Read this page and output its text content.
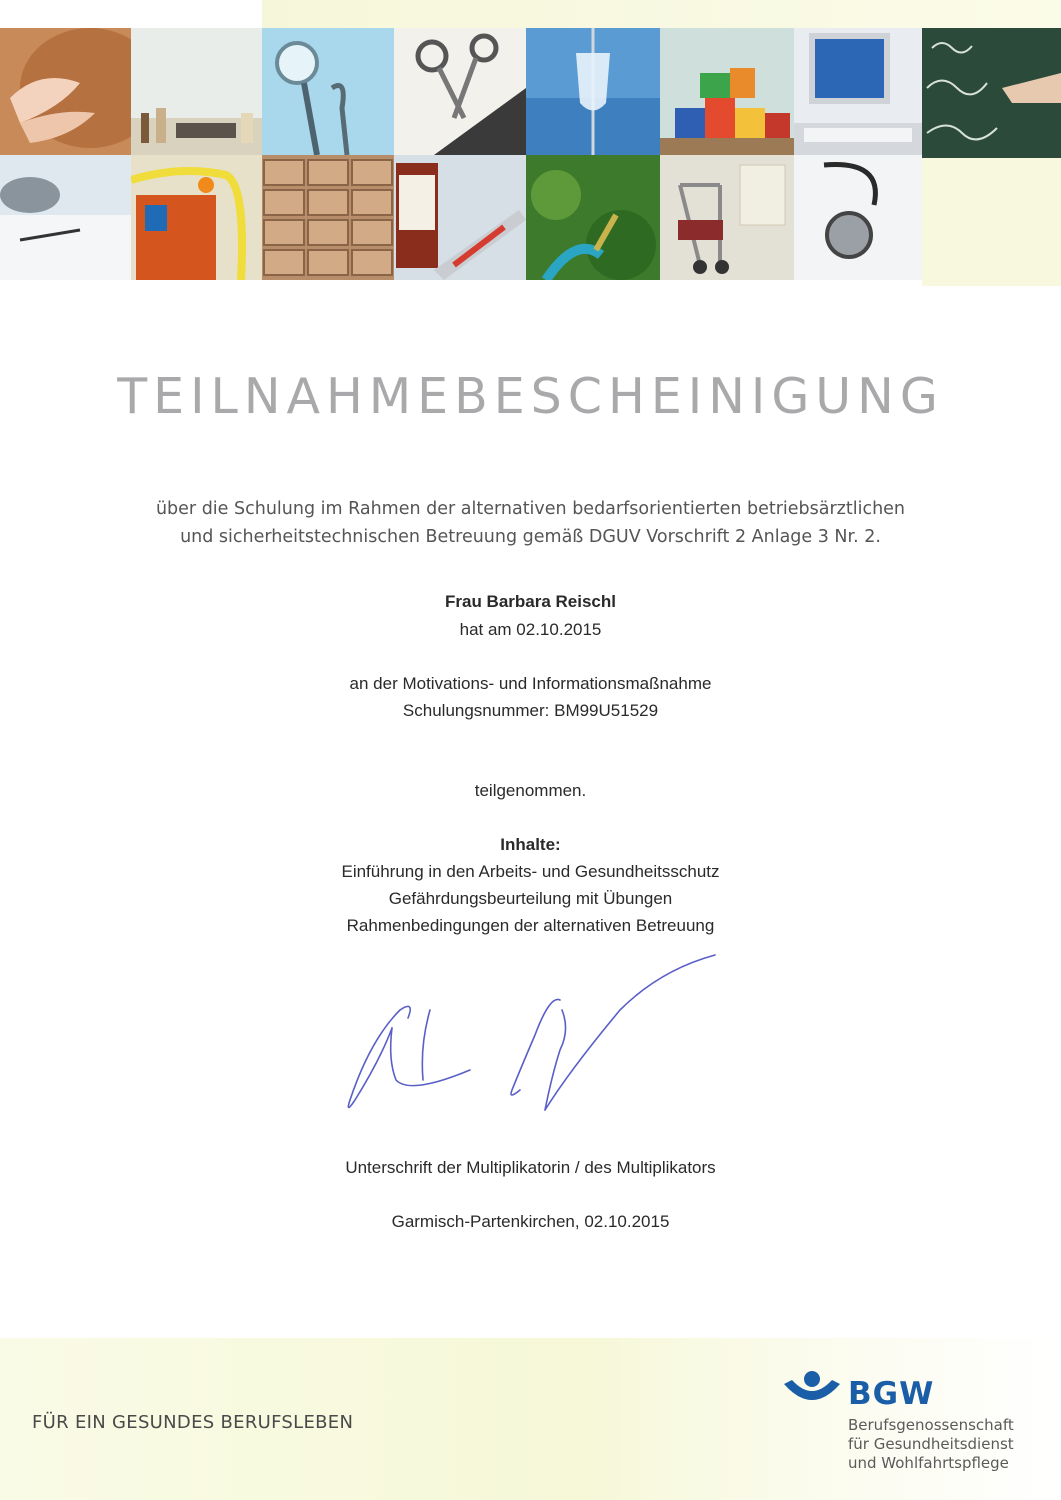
TEILNAHMEBESCHEINIGUNG
über die Schulung im Rahmen der alternativen bedarfsorientierten betriebsärztlichen
und sicherheitstechnischen Betreuung gemäß DGUV Vorschrift 2 Anlage 3 Nr. 2.
Frau Barbara Reischl
hat am 02.10.2015
an der Motivations- und Informationsmaßnahme
Schulungsnummer: BM99U51529
teilgenommen.
Inhalte:
Einführung in den Arbeits- und Gesundheitsschutz
Gefährdungsbeurteilung mit Übungen
Rahmenbedingungen der alternativen Betreuung
Unterschrift der Multiplikatorin / des Multiplikators
Garmisch-Partenkirchen, 02.10.2015
FÜR EIN GESUNDES BERUFSLEBEN
BGW
Berufsgenossenschaft
für Gesundheitsdienst
und Wohlfahrtspflege
